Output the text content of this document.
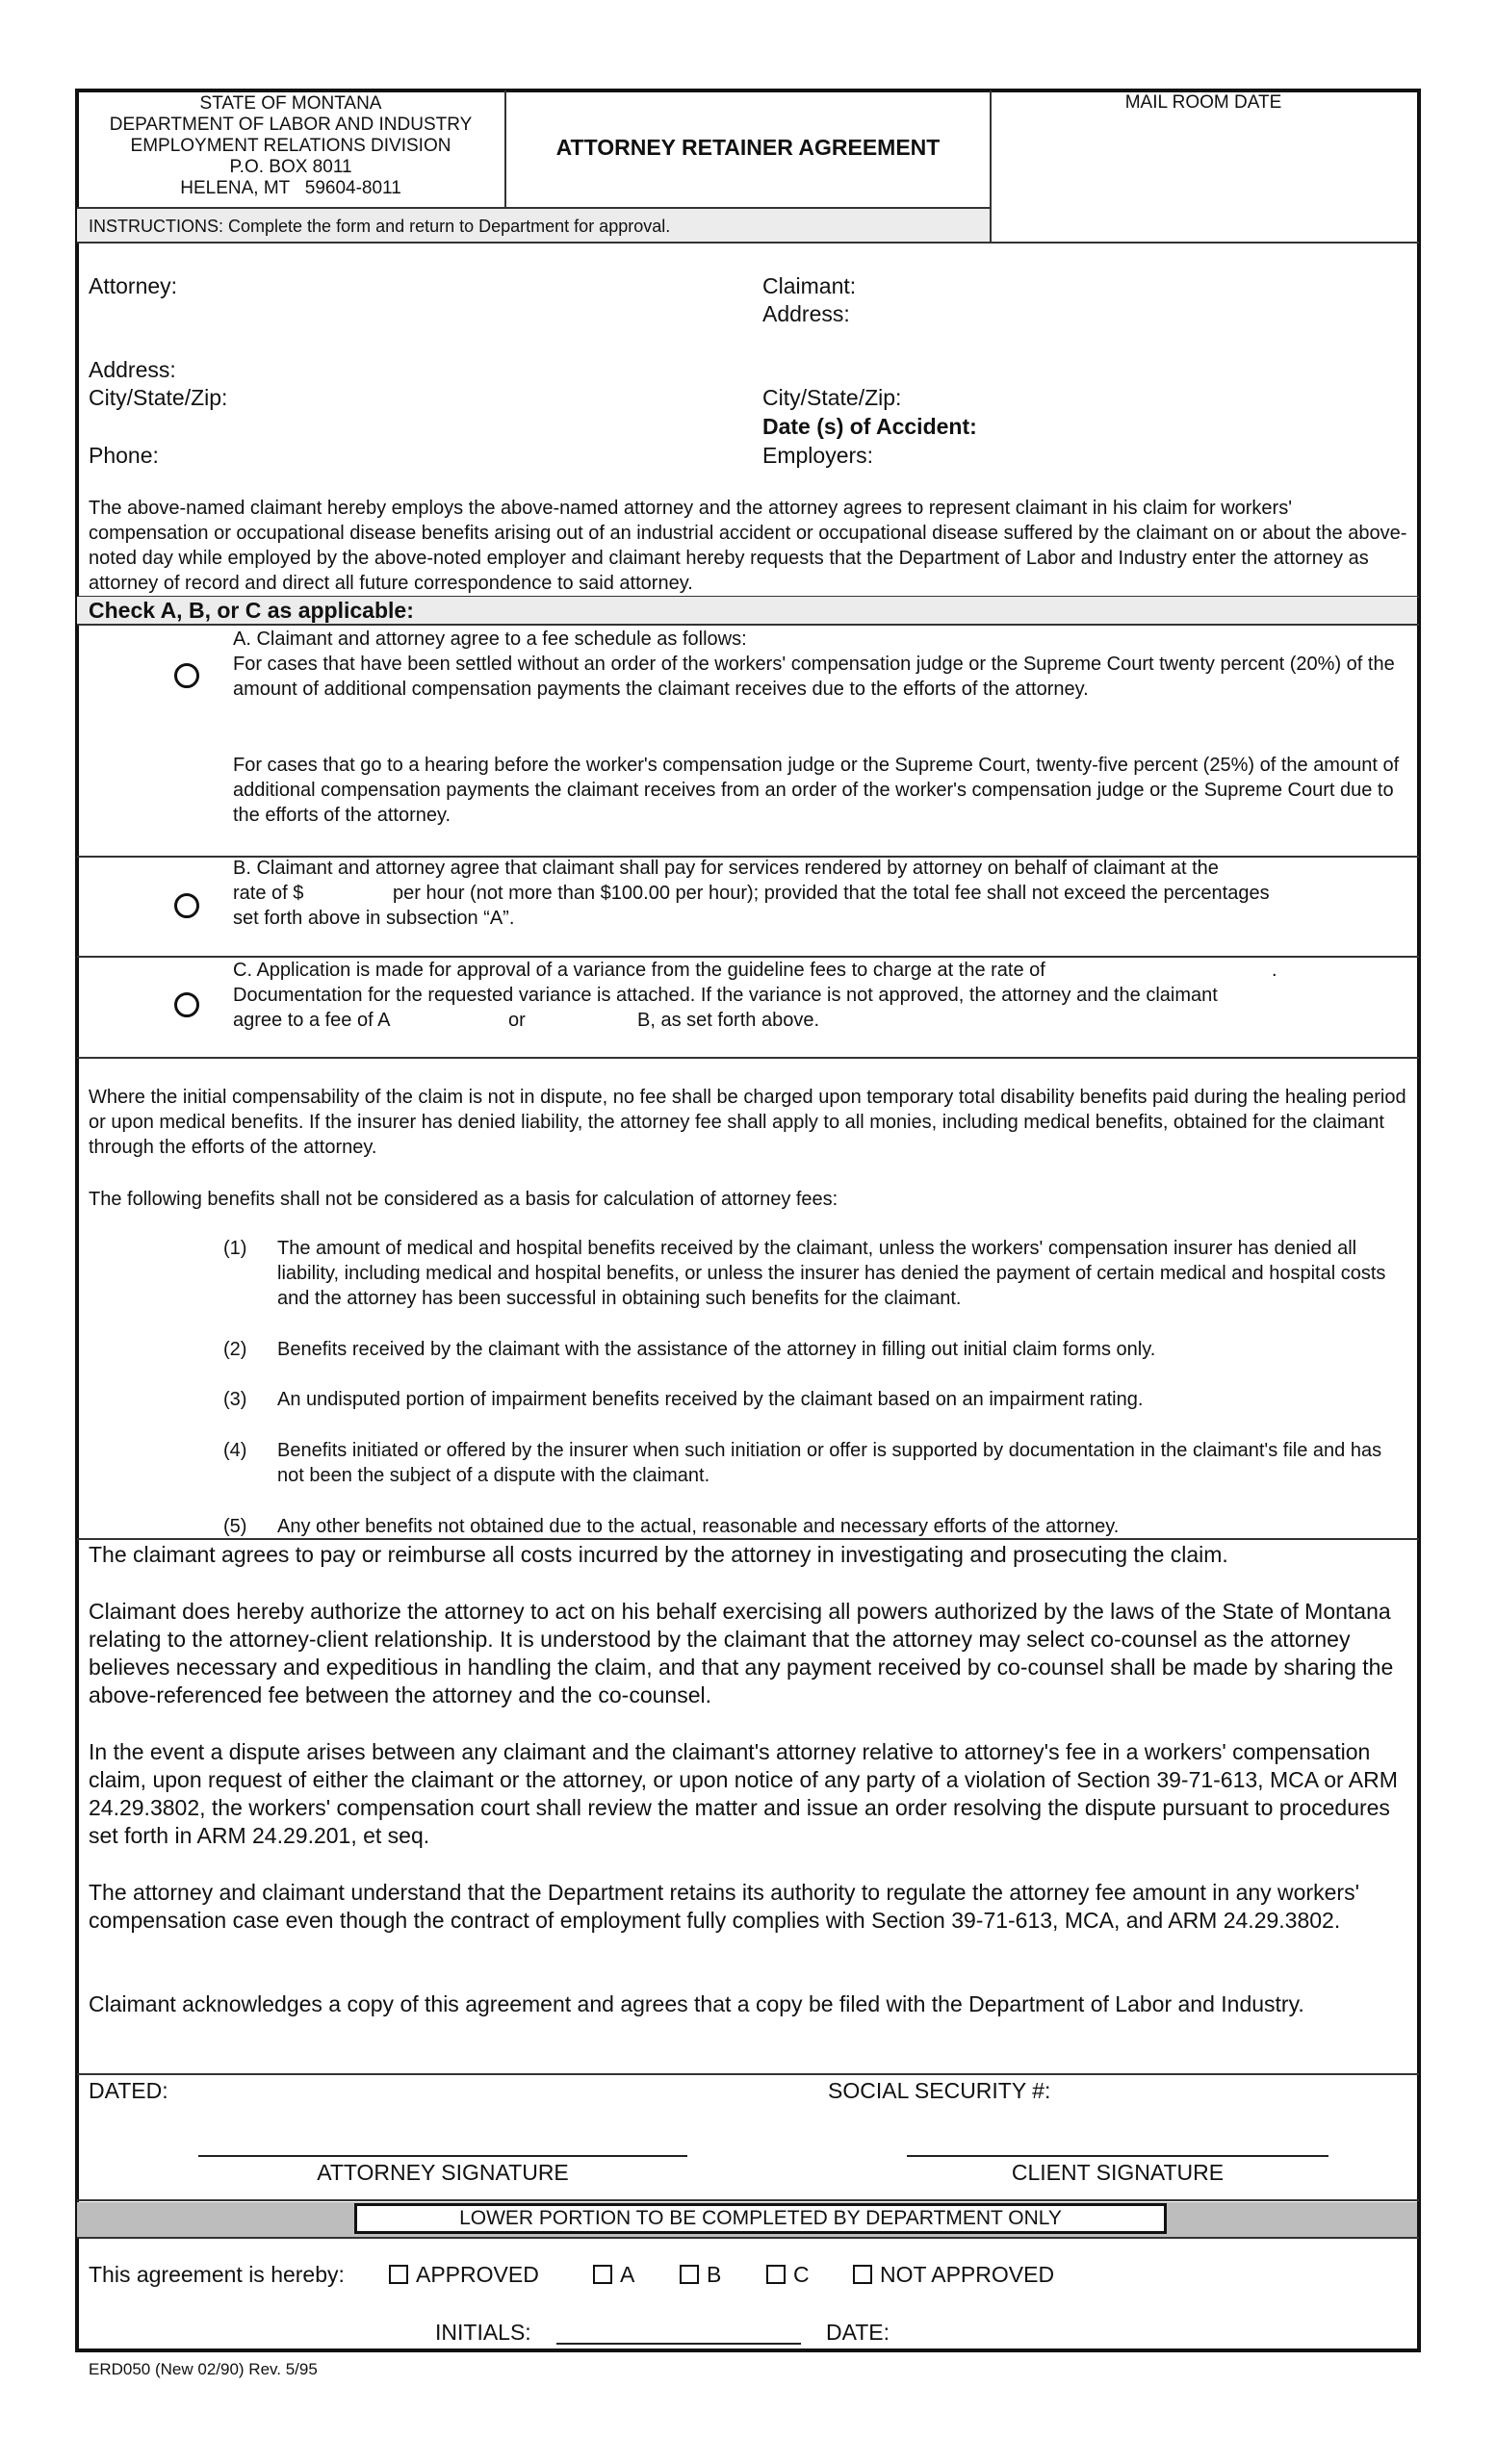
STATE OF MONTANA
DEPARTMENT OF LABOR AND INDUSTRY
EMPLOYMENT RELATIONS DIVISION
P.O. BOX 8011
HELENA, MT   59604-8011
ATTORNEY RETAINER AGREEMENT
MAIL ROOM DATE
INSTRUCTIONS: Complete the form and return to Department for approval.
Attorney:
Address:
City/State/Zip:
Phone:
Claimant:
Address:
City/State/Zip:
Date (s) of Accident:
Employers:
The above-named claimant hereby employs the above-named attorney and the attorney agrees to represent claimant in his claim for workers' compensation or occupational disease benefits arising out of an industrial accident or occupational disease suffered by the claimant on or about the above-noted day while employed by the above-noted employer and claimant hereby requests that the Department of Labor and Industry enter the attorney as attorney of record and direct all future correspondence to said attorney.
Check A, B, or C as applicable:
A. Claimant and attorney agree to a fee schedule as follows:
For cases that have been settled without an order of the workers' compensation judge or the Supreme Court twenty percent (20%) of the amount of additional compensation payments the claimant receives due to the efforts of the attorney.
For cases that go to a hearing before the worker's compensation judge or the Supreme Court, twenty-five percent (25%) of the amount of additional compensation payments the claimant receives from an order of the worker's compensation judge or the Supreme Court due to the efforts of the attorney.
B. Claimant and attorney agree that claimant shall pay for services rendered by attorney on behalf of claimant at the
rate of $	per hour (not more than $100.00 per hour); provided that the total fee shall not exceed the percentages
set forth above in subsection “A”.
C. Application is made for approval of a variance from the guideline fees to charge at the rate of	.
Documentation for the requested variance is attached. If the variance is not approved, the attorney and the claimant
agree to a fee of A	or	B, as set forth above.
Where the initial compensability of the claim is not in dispute, no fee shall be charged upon temporary total disability benefits paid during the healing period or upon medical benefits. If the insurer has denied liability, the attorney fee shall apply to all monies, including medical benefits, obtained for the claimant through the efforts of the attorney.
The following benefits shall not be considered as a basis for calculation of attorney fees:
(1) The amount of medical and hospital benefits received by the claimant, unless the workers' compensation insurer has denied all liability, including medical and hospital benefits, or unless the insurer has denied the payment of certain medical and hospital costs and the attorney has been successful in obtaining such benefits for the claimant.
(2) Benefits received by the claimant with the assistance of the attorney in filling out initial claim forms only.
(3) An undisputed portion of impairment benefits received by the claimant based on an impairment rating.
(4) Benefits initiated or offered by the insurer when such initiation or offer is supported by documentation in the claimant's file and has not been the subject of a dispute with the claimant.
(5) Any other benefits not obtained due to the actual, reasonable and necessary efforts of the attorney.
The claimant agrees to pay or reimburse all costs incurred by the attorney in investigating and prosecuting the claim.
Claimant does hereby authorize the attorney to act on his behalf exercising all powers authorized by the laws of the State of Montana relating to the attorney-client relationship. It is understood by the claimant that the attorney may select co-counsel as the attorney believes necessary and expeditious in handling the claim, and that any payment received by co-counsel shall be made by sharing the above-referenced fee between the attorney and the co-counsel.
In the event a dispute arises between any claimant and the claimant's attorney relative to attorney's fee in a workers' compensation claim, upon request of either the claimant or the attorney, or upon notice of any party of a violation of Section 39-71-613, MCA or ARM 24.29.3802, the workers' compensation court shall review the matter and issue an order resolving the dispute pursuant to procedures set forth in ARM 24.29.201, et seq.
The attorney and claimant understand that the Department retains its authority to regulate the attorney fee amount in any workers' compensation case even though the contract of employment fully complies with Section 39-71-613, MCA, and ARM 24.29.3802.
Claimant acknowledges a copy of this agreement and agrees that a copy be filed with the Department of Labor and Industry.
DATED:	SOCIAL SECURITY #:
ATTORNEY SIGNATURE	CLIENT SIGNATURE
LOWER PORTION TO BE COMPLETED BY DEPARTMENT ONLY
This agreement is hereby:	APPROVED	A	B	C	NOT APPROVED
INITIALS:	DATE:
ERD050 (New 02/90) Rev. 5/95
